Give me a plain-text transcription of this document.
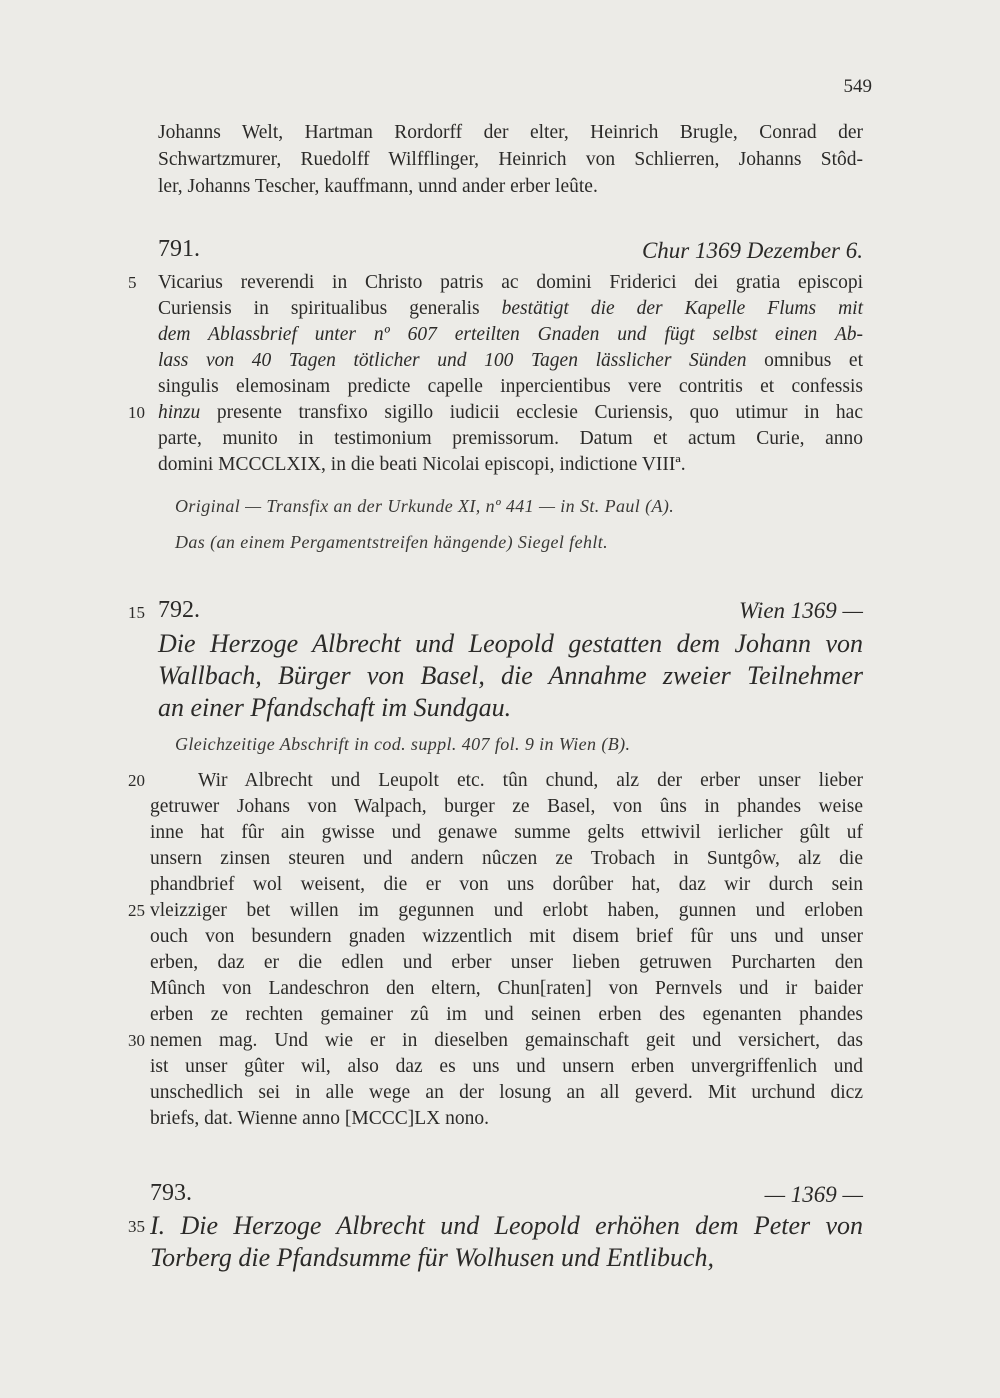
549
Johanns Welt, Hartman Rordorff der elter, Heinrich Brugle, Conrad der
Schwartzmurer, Ruedolff Wilfflinger, Heinrich von Schlierren, Johanns Stôd-
ler, Johanns Tescher, kauffmann, unnd ander erber leûte.
791.	Chur 1369 Dezember 6.
5 Vicarius reverendi in Christo patris ac domini Friderici dei gratia episcopi
Curiensis in spiritualibus generalis bestätigt die der Kapelle Flums mit
dem Ablassbrief unter nº 607 erteilten Gnaden und fügt selbst einen Ab-
lass von 40 Tagen tötlicher und 100 Tagen lässlicher Sünden omnibus et
singulis elemosinam predicte capelle inpercientibus vere contritis et confessis
10 hinzu presente transfixo sigillo iudicii ecclesie Curiensis, quo utimur in hac
parte, munito in testimonium premissorum. Datum et actum Curie, anno
domini MCCCLXIX, in die beati Nicolai episcopi, indictione VIIIª.
Original — Transfix an der Urkunde XI, nº 441 — in St. Paul (A).
Das (an einem Pergamentstreifen hängende) Siegel fehlt.
15 792.	Wien 1369 —
Die Herzoge Albrecht und Leopold gestatten dem Johann von
Wallbach, Bürger von Basel, die Annahme zweier Teilnehmer
an einer Pfandschaft im Sundgau.
Gleichzeitige Abschrift in cod. suppl. 407 fol. 9 in Wien (B).
20	Wir Albrecht und Leupolt etc. tûn chund, alz der erber unser lieber
getruwer Johans von Walpach, burger ze Basel, von ûns in phandes weise
inne hat fûr ain gwisse und genawe summe gelts ettwivil ierlicher gûlt uf
unsern zinsen steuren und andern nûczen ze Trobach in Suntgôw, alz die
phandbrief wol weisent, die er von uns dorûber hat, daz wir durch sein
25 vleizziger bet willen im gegunnen und erlobt haben, gunnen und erloben
ouch von besundern gnaden wizzentlich mit disem brief fûr uns und unser
erben, daz er die edlen und erber unser lieben getruwen Purcharten den
Mûnch von Landeschron den eltern, Chun[raten] von Pernvels und ir baider
erben ze rechten gemainer zû im und seinen erben des egenanten phandes
30 nemen mag. Und wie er in dieselben gemainschaft geit und versichert, das
ist unser gûter wil, also daz es uns und unsern erben unvergriffenlich und
unschedlich sei in alle wege an der losung an all geverd. Mit urchund dicz
briefs, dat. Wienne anno [MCCC]LX nono.
793.	— 1369 —
35 I. Die Herzoge Albrecht und Leopold erhöhen dem Peter von
Torberg die Pfandsumme für Wolhusen und Entlibuch,
